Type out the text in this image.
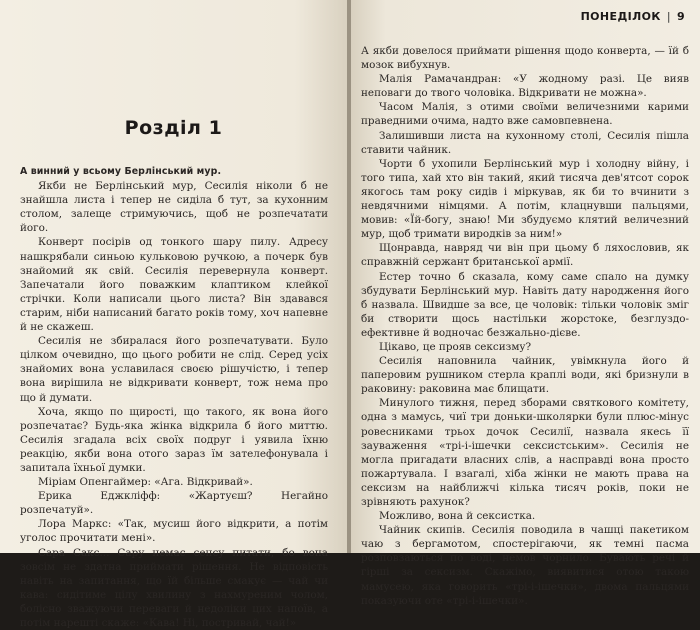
Розділ 1

А винний у всьому Берлінський мур.

Якби не Берлінський мур, Сесилія ніколи б не знайшла листа і тепер не сиділа б тут, за кухонним столом, залеще стримуючись, щоб не розпечатати його.

Конверт посірів од тонкого шару пилу. Адресу нашкрябали синьою кульковою ручкою, а почерк був знайомий як свій. Сесилія перевернула конверт. Запечатали його поважким клаптиком клейкої стрічки. Коли написали цього листа? Він здавався старим, ніби написаний багато років тому, хоч напевне й не скажеш.

Сесилія не збиралася його розпечатувати. Було цілком очевидно, що цього робити не слід. Серед усіх знайомих вона уславилася своєю рішучістю, і тепер вона вирішила не відкривати конверт, тож нема про що й думати.

Хоча, якщо по щирості, що такого, як вона його розпечатає? Будь-яка жінка відкрила б його миттю. Сесилія згадала всіх своїх подруг і уявила їхню реакцію, якби вона отого зараз їм зателефонувала і запитала їхньої думки.

Міріам Опенгаймер: «Ага. Відкривай».

Ерика Еджкліфф: «Жартуєш? Негайно розпечатуй».

Лора Маркс: «Так, мусиш його відкрити, а потім уголос прочитати мені».

Сара Сакс... Сару немає сенсу питати, бо вона зовсім не здатна приймати рішення. Не відповість навіть на запитання, що їй більше смакує — чай чи кава: сидітиме цілу хвилину з нахмуреним чолом, болісно зважуючи переваги й недоліки цих напоїв, а потім нарешті скаже: «Кава! Ні, постривай, чай!»

ПОНЕДІЛОК | 9

А якби довелося приймати рішення щодо конверта, — їй б мозок вибухнув.

Малія Рамачандран: «У жодному разі. Це вияв неповаги до твого чоловіка. Відкривати не можна».

Часом Малія, з отими своїми величезними карими праведними очима, надто вже самовпевнена.

Залишивши листа на кухонному столі, Сесилія пішла ставити чайник.

Чорти б ухопили Берлінський мур і холодну війну, і того типа, хай хто він такий, який тисяча дев'ятсот сорок якогось там року сидів і міркував, як би то вчинити з невдячними німцями. А потім, клацнувши пальцями, мовив: «Їй-богу, знаю! Ми збудуємо клятий величезний мур, щоб тримати виродків за ним!»

Щонравда, навряд чи він при цьому б ляхословив, як справжній сержант британської армії.

Естер точно б сказала, кому саме спало на думку збудувати Берлінський мур. Навіть дату народження його б назвала. Швидше за все, це чоловік: тільки чоловік зміг би створити щось настільки жорстоке, безглуздо-ефективне й водночас безжально-дієве.

Цікаво, це прояв сексизму?

Сесилія наповнила чайник, увімкнула його й паперовим рушником стерла краплі води, які бризнули в раковину: раковина має блищати.

Минулого тижня, перед зборами святкового комітету, одна з мамусь, чиї три доньки-школярки були плюс-мінус ровесниками трьох дочок Сесилії, назвала якесь її зауваження «трі-і-ішечки сексистським». Сесилія не могла пригадати власних слів, а насправді вона просто пожартувала. І взагалі, хіба жінки не мають права на сексизм на найближчі кілька тисяч років, поки не зрівняють рахунок?

Можливо, вона й сексистка.

Чайник скипів. Сесилія поводила в чашці пакетиком чаю з бергамотом, спостерігаючи, як темні пасма розповзаються по воді, немов чорнило. Бувають речі й гірші за сексизм. Скажімо, виявитися отою такою мамусею, яка говорить «трі-і-ішечки», двома пальцями показуючи оте «трі-і-ішечки».
